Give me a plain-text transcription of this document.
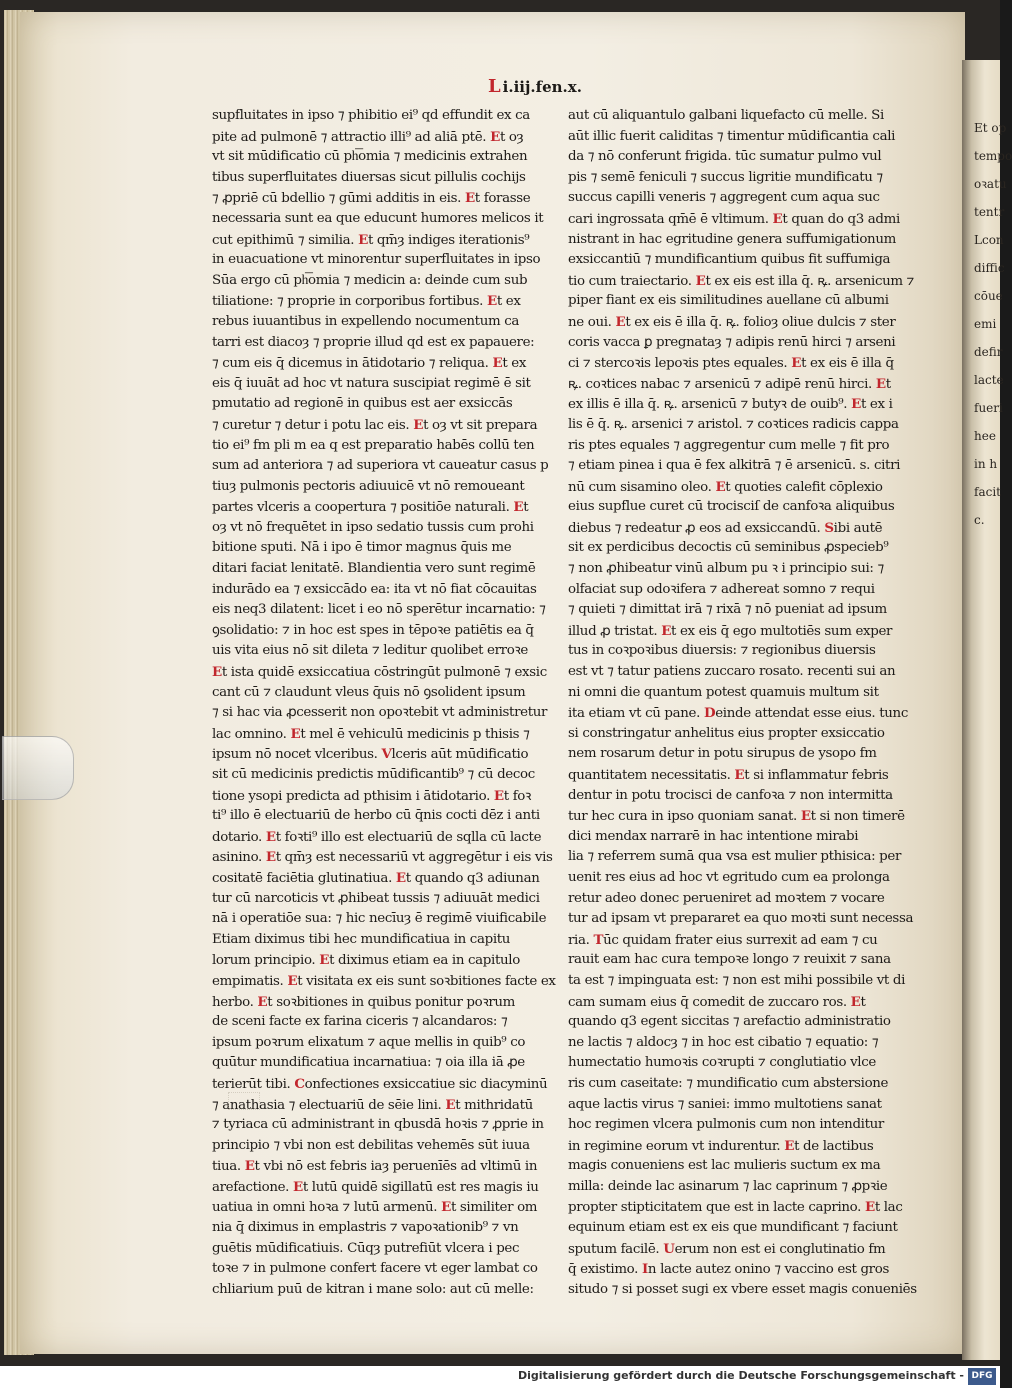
Et op
tempo
oꝛatu
tentr
Lcon
diffic
cōue
emi
defir
lacte
fueri
hee
in h
facit
c.
L i.iij.fen.x.
supfluitates in ipso ⁊ phibitio ei⁹ qd effundit ex ca
pite ad pulmonē ⁊ attractio illi⁹ ad aliā ptē. Et oȝ
vt sit mūdificatio cū ph͞omia ⁊ medicinis extrahen
tibus superfluitates diuersas sicut pillulis cochijs
⁊ ꝓpriē cū bdellio ⁊ gūmi additis in eis. Et forasse
necessaria sunt ea que educunt humores melicos it
cut epithimū ⁊ similia. Et qm̄ȝ indiges iterationis⁹
in euacuatione vt minorentur superfluitates in ipso
Sūa ergo cū ph͞omia ⁊ medicin a: deinde cum sub
tiliatione: ⁊ proprie in corporibus fortibus. Et ex
rebus iuuantibus in expellendo nocumentum ca
tarri est diacoȝ ⁊ proprie illud qd est ex papauere:
⁊ cum eis q̄ dicemus in ātidotario ⁊ reliqua. Et ex
eis q̄ iuuāt ad hoc vt natura suscipiat regimē ē sit
pmutatio ad regionē in quibus est aer exsiccās
⁊ curetur ⁊ detur i potu lac eis. Et oȝ vt sit prepara
tio ei⁹ fm pli m ea q est preparatio habēs collū ten
sum ad anteriora ⁊ ad superiora vt caueatur casus p
tiuȝ pulmonis pectoris adiuuicē vt nō remoueant
partes vlceris a coopertura ⁊ positiōe naturali. Et
oȝ vt nō frequētet in ipso sedatio tussis cum prohi
bitione sputi. Nā i ipo ē timor magnus q̄uis me
ditari faciat lenitatē. Blandientia vero sunt regimē
indurādo ea ⁊ exsiccādo ea: ita vt nō fiat cōcauitas
eis neq3 dilatent: licet i eo nō sperētur incarnatio: ⁊
ꝯsolidatio: ⁊ in hoc est spes in tēpoꝛe patiētis ea q̄
uis vita eius nō sit dileta ⁊ leditur quolibet erroꝛe
Et ista quidē exsiccatiua cōstringūt pulmonē ⁊ exsic
cant cū ⁊ claudunt vleus q̄uis nō ꝯsolident ipsum
⁊ si hac via ꝓcesserit non opoꝛtebit vt administretur
lac omnino. Et mel ē vehiculū medicinis p thisis ⁊
ipsum nō nocet vlceribus. Vlceris aūt mūdificatio
sit cū medicinis predictis mūdificantib⁹ ⁊ cū decoc
tione ysopi predicta ad pthisim i ātidotario. Et foꝛ
ti⁹ illo ē electuariū de herbo cū q̄nis cocti dēz i anti
dotario. Et foꝛti⁹ illo est electuariū de sqlla cū lacte
asinino. Et qm̄ȝ est necessariū vt aggregētur i eis vis
cositatē faciētia glutinatiua. Et quando q3 adiunan
tur cū narcoticis vt ꝓhibeat tussis ⁊ adiuuāt medici
nā i operatiōe sua: ⁊ hic necīuȝ ē regimē viuificabile
Etiam diximus tibi hec mundificatiua in capitu
lorum principio. Et diximus etiam ea in capitulo
empimatis. Et visitata ex eis sunt soꝛbitiones facte ex
herbo. Et soꝛbitiones in quibus ponitur poꝛrum
de sceni facte ex farina ciceris ⁊ alcandaros: ⁊
ipsum poꝛrum elixatum ⁊ aque mellis in quib⁹ co
quūtur mundificatiua incarnatiua: ⁊ oia illa iā ꝓe
terierūt tibi. Confectiones exsiccatiue sic diacyminū
⁊ anathasia ⁊ electuariū de sēie lini. Et mithridatū
⁊ tyriaca cū administrant in qbusdā hoꝛis ⁊ ꝓprie in
principio ⁊ vbi non est debilitas vehemēs sūt iuua
tiua. Et vbi nō est febris iaȝ peruenīēs ad vltimū in
arefactione. Et lutū quidē sigillatū est res magis iu
uatiua in omni hoꝛa ⁊ lutū armenū. Et similiter om
nia q̄ diximus in emplastris ⁊ vapoꝛationib⁹ ⁊ vn
guētis mūdificatiuis. Cūqȝ putrefiūt vlcera i pec
toꝛe ⁊ in pulmone confert facere vt eger lambat co
chliarium puū de kitran i mane solo: aut cū melle:
aut cū aliquantulo galbani liquefacto cū melle. Si
aūt illic fuerit caliditas ⁊ timentur mūdificantia cali
da ⁊ nō conferunt frigida. tūc sumatur pulmo vul
pis ⁊ semē feniculi ⁊ succus ligritie mundificatu ⁊
succus capilli veneris ⁊ aggregent cum aqua suc
cari ingrossata qm̄ē ē vltimum. Et quan do q3 admi
nistrant in hac egritudine genera suffumigationum
exsiccantiū ⁊ mundificantium quibus fit suffumiga
tio cum traiectario. Et ex eis est illa q̄. ꝶ. arsenicum ⁊
piper fiant ex eis similitudines auellane cū albumi
ne oui. Et ex eis ē illa q̄. ꝶ. folioȝ oliue dulcis ⁊ ster
coris vacca ꝑ pregnataȝ ⁊ adipis renū hirci ⁊ arseni
ci ⁊ stercoꝛis lepoꝛis ptes equales. Et ex eis ē illa q̄
ꝶ. coꝛtices nabac ⁊ arsenicū ⁊ adipē renū hirci. Et
ex illis ē illa q̄. ꝶ. arsenicū ⁊ butyꝛ de ouib⁹. Et ex i
lis ē q̄. ꝶ. arsenici ⁊ aristol. ⁊ coꝛtices radicis cappa
ris ptes equales ⁊ aggregentur cum melle ⁊ fit pro
⁊ etiam pinea i qua ē fex alkitrā ⁊ ē arsenicū. s. citri
nū cum sisamino oleo. Et quoties calefit cōplexio
eius supflue curet cū trocisciſ de canfoꝛa aliquibus
diebus ⁊ redeatur ꝓ eos ad exsiccandū. Sibi autē
sit ex perdicibus decoctis cū seminibus ꝓspecieb⁹
⁊ non ꝓhibeatur vinū album pu ꝛ i principio sui: ⁊
olfaciat sup odoꝛifera ⁊ adhereat somno ⁊ requi
⁊ quieti ⁊ dimittat irā ⁊ rixā ⁊ nō pueniat ad ipsum
illud ꝓ tristat. Et ex eis q̄ ego multotiēs sum exper
tus in coꝛpoꝛibus diuersis: ⁊ regionibus diuersis
est vt ⁊ tatur patiens zuccaro rosato. recenti sui an
ni omni die quantum potest quamuis multum sit
ita etiam vt cū pane. Deinde attendat esse eius. tunc
si constringatur anhelitus eius propter exsiccatio
nem rosarum detur in potu sirupus de ysopo fm
quantitatem necessitatis. Et si inflammatur febris
dentur in potu trocisci de canfoꝛa ⁊ non intermitta
tur hec cura in ipso quoniam sanat. Et si non timerē
dici mendax narrarē in hac intentione mirabi
lia ⁊ referrem sumā qua vsa est mulier pthisica: per
uenit res eius ad hoc vt egritudo cum ea prolonga
retur adeo donec perueniret ad moꝛtem ⁊ vocare
tur ad ipsam vt prepararet ea quo moꝛti sunt necessa
ria. Tūc quidam frater eius surrexit ad eam ⁊ cu
rauit eam hac cura tempoꝛe longo ⁊ reuixit ⁊ sana
ta est ⁊ impinguata est: ⁊ non est mihi possibile vt di
cam sumam eius q̄ comedit de zuccaro ros. Et
quando q3 egent siccitas ⁊ arefactio administratio
ne lactis ⁊ aldocȝ ⁊ in hoc est cibatio ⁊ equatio: ⁊
humectatio humoꝛis coꝛrupti ⁊ conglutiatio vlce
ris cum caseitate: ⁊ mundificatio cum abstersione
aque lactis virus ⁊ saniei: immo multotiens sanat
hoc regimen vlcera pulmonis cum non intenditur
in regimine eorum vt indurentur. Et de lactibus
magis conueniens est lac mulieris suctum ex ma
milla: deinde lac asinarum ⁊ lac caprinum ⁊ ꝓpꝛie
propter stipticitatem que est in lacte caprino. Et lac
equinum etiam est ex eis que mundificant ⁊ faciunt
sputum facilē. Uerum non est ei conglutinatio fm
q̄ existimo. In lacte autez onino ⁊ vaccino est gros
situdo ⁊ si posset sugi ex vbere esset magis conueniēs
Digitalisierung gefördert durch die Deutsche Forschungsgemeinschaft - DFG
